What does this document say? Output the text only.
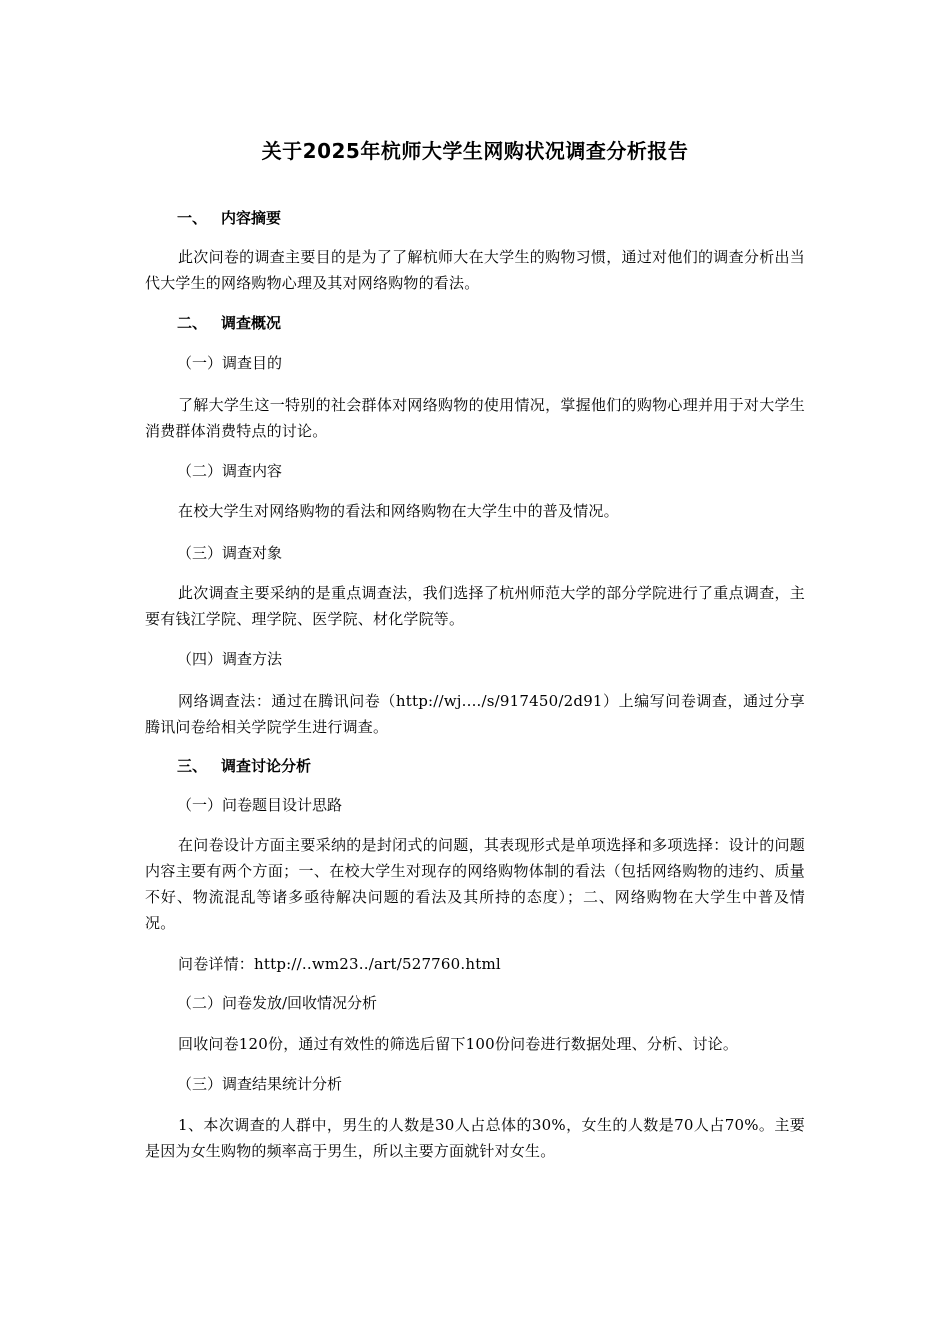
关于2025年杭师大学生网购状况调查分析报告
一、 内容摘要
此次问卷的调查主要目的是为了了解杭师大在大学生的购物习惯，通过对他们的调查分析出当代大学生的网络购物心理及其对网络购物的看法。
二、 调查概况
（一）调查目的
了解大学生这一特别的社会群体对网络购物的使用情况，掌握他们的购物心理并用于对大学生消费群体消费特点的讨论。
（二）调查内容
在校大学生对网络购物的看法和网络购物在大学生中的普及情况。
（三）调查对象
此次调查主要采纳的是重点调查法，我们选择了杭州师范大学的部分学院进行了重点调查，主要有钱江学院、理学院、医学院、材化学院等。
（四）调查方法
网络调查法：通过在腾讯问卷（http://wj..../s/917450/2d91）上编写问卷调查，通过分享腾讯问卷给相关学院学生进行调查。
三、 调查讨论分析
（一）问卷题目设计思路
在问卷设计方面主要采纳的是封闭式的问题，其表现形式是单项选择和多项选择：设计的问题内容主要有两个方面；一、在校大学生对现存的网络购物体制的看法（包括网络购物的违约、质量不好、物流混乱等诸多亟待解决问题的看法及其所持的态度）；二、网络购物在大学生中普及情况。
问卷详情：http://..wm23../art/527760.html
（二）问卷发放/回收情况分析
回收问卷120份，通过有效性的筛选后留下100份问卷进行数据处理、分析、讨论。
（三）调查结果统计分析
1、本次调查的人群中，男生的人数是30人占总体的30%，女生的人数是70人占70%。主要是因为女生购物的频率高于男生，所以主要方面就针对女生。
